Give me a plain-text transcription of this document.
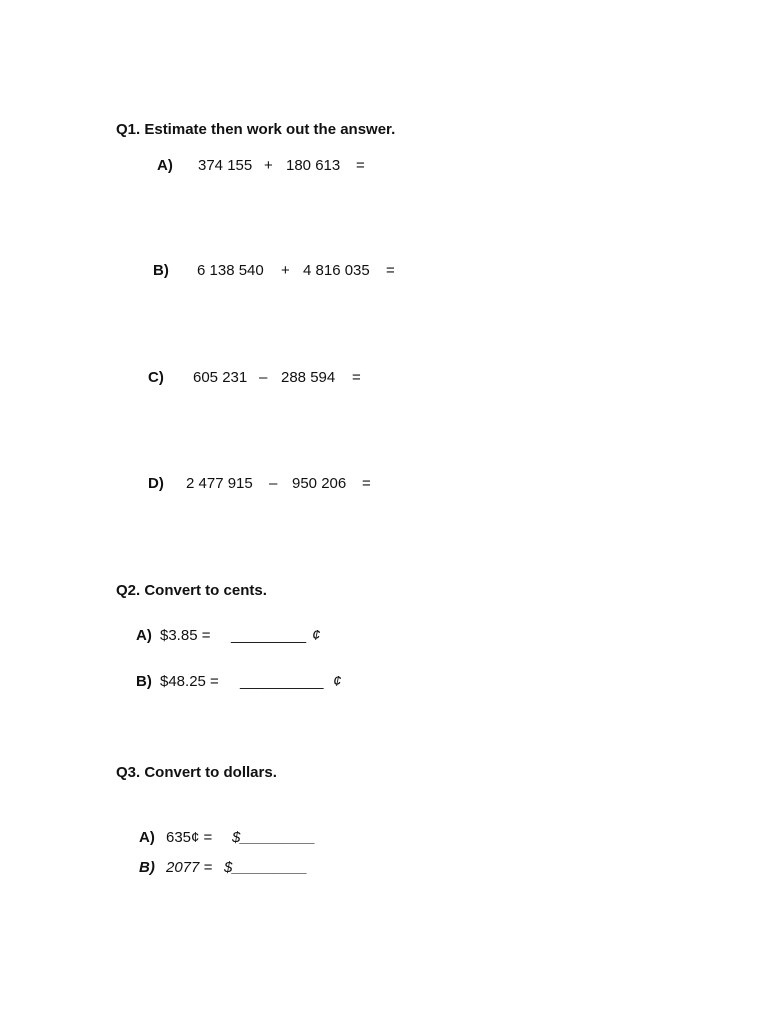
Q1. Estimate then work out the answer.
A) 374 155 + 180 613 =
B) 6 138 540 + 4 816 035 =
C) 605 231 – 288 594 =
D) 2 477 915 – 950 206 =
Q2. Convert to cents.
A) $3.85 = _________ ¢
B) $48.25 = __________ ¢
Q3. Convert to dollars.
A) 635¢ = $_________
B) 2077 = $_________
